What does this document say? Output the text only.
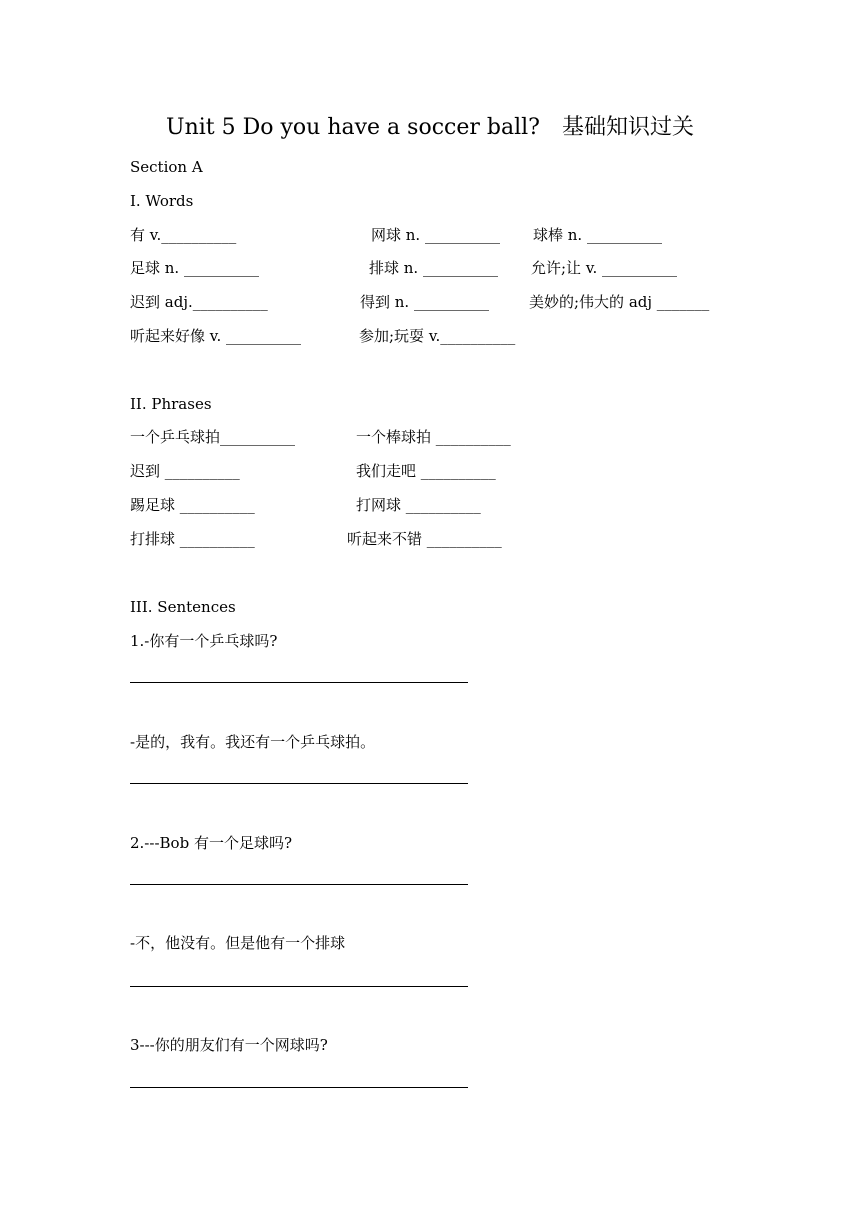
Unit 5 Do you have a soccer ball?　基础知识过关
Section A
I. Words
有 v.__________	网球 n. __________ 球棒 n. __________
足球 n. __________	排球 n. __________ 允许;让 v. __________
迟到 adj.__________	得到 n. __________	美妙的;伟大的 adj _______
听起来好像 v. __________	参加;玩耍 v.__________
II. Phrases
一个乒乓球拍__________	一个棒球拍 __________
迟到 __________	我们走吧 __________
踢足球 __________	打网球 __________
打排球 __________	听起来不错 __________
III. Sentences
1.-你有一个乒乓球吗?
-是的，我有。我还有一个乒乓球拍。
2.---Bob 有一个足球吗?
-不，他没有。但是他有一个排球
3---你的朋友们有一个网球吗?
